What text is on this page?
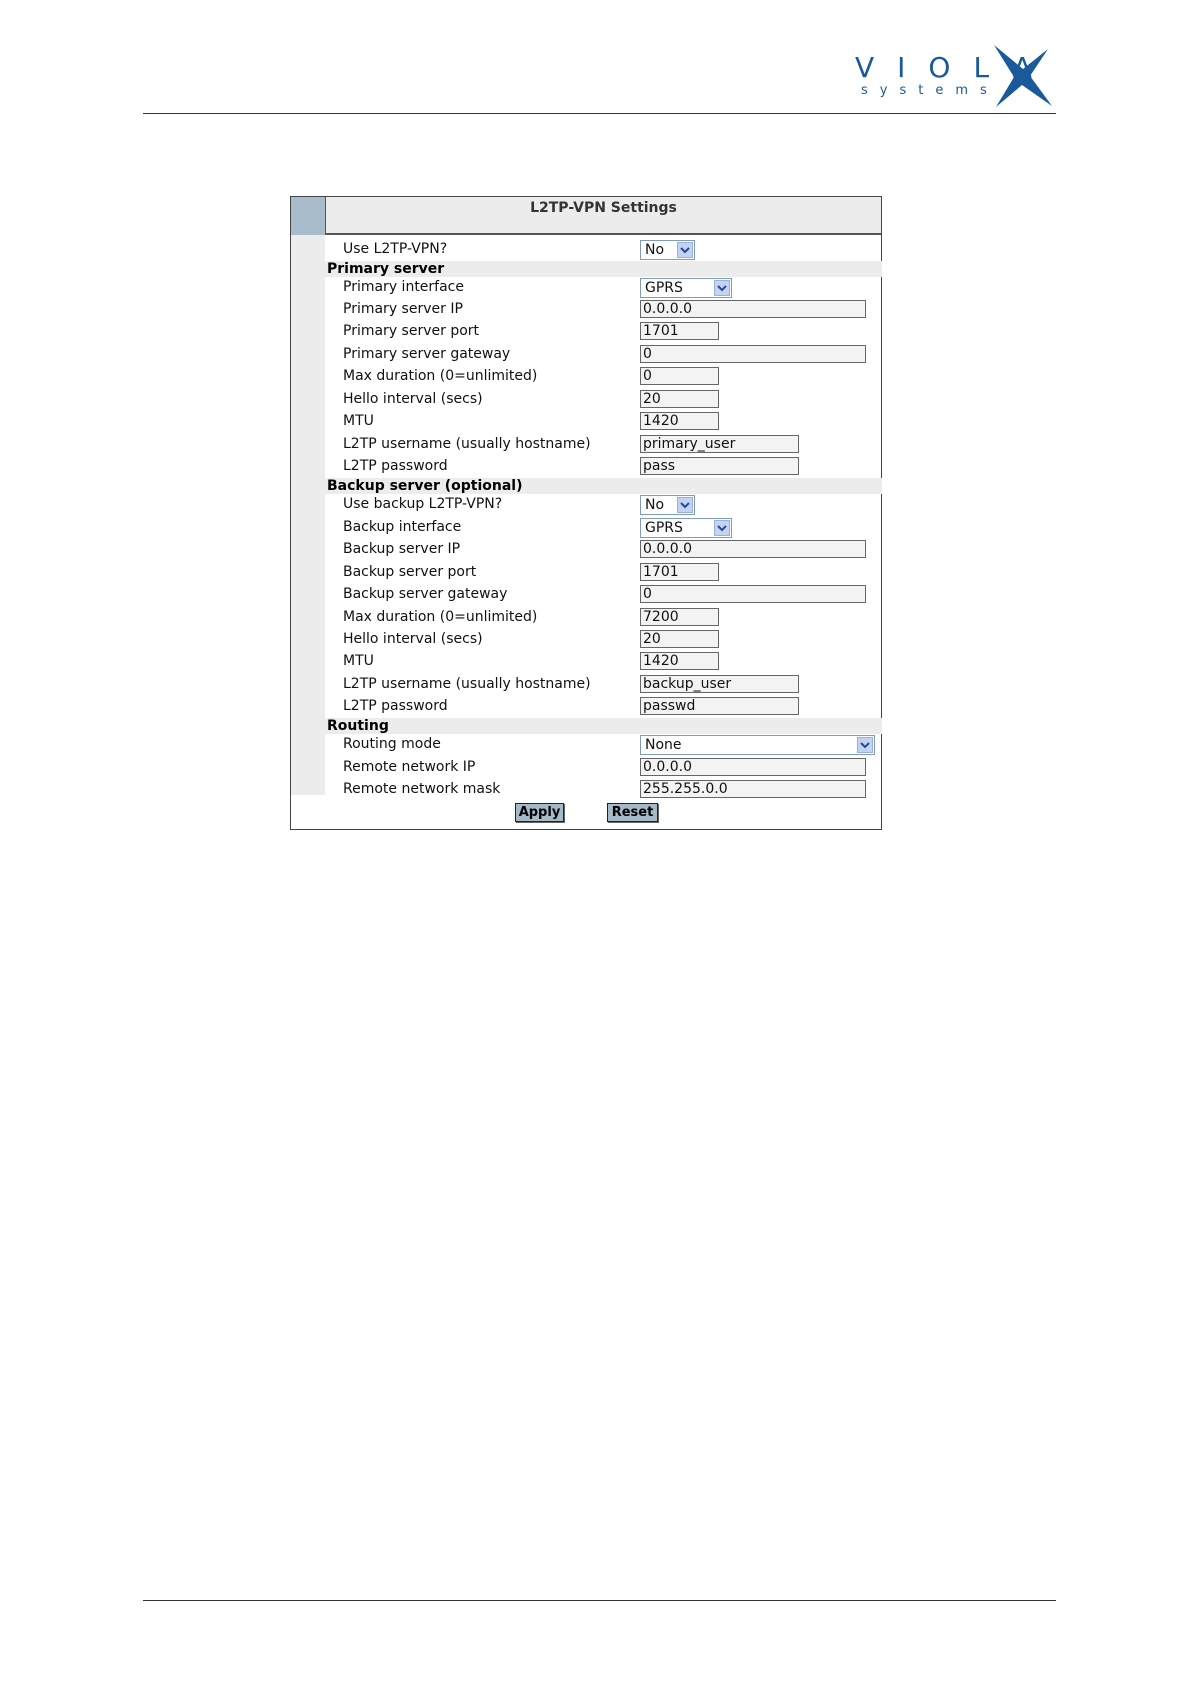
VIOLA
systems
L2TP-VPN Settings
Use L2TP-VPN?	No
Primary server
Primary interface	GPRS
Primary server IP	0.0.0.0
Primary server port	1701
Primary server gateway	0
Max duration (0=unlimited)	0
Hello interval (secs)	20
MTU	1420
L2TP username (usually hostname)	primary_user
L2TP password	pass
Backup server (optional)
Use backup L2TP-VPN?	No
Backup interface	GPRS
Backup server IP	0.0.0.0
Backup server port	1701
Backup server gateway	0
Max duration (0=unlimited)	7200
Hello interval (secs)	20
MTU	1420
L2TP username (usually hostname)	backup_user
L2TP password	passwd
Routing
Routing mode	None
Remote network IP	0.0.0.0
Remote network mask	255.255.0.0
Apply	Reset
